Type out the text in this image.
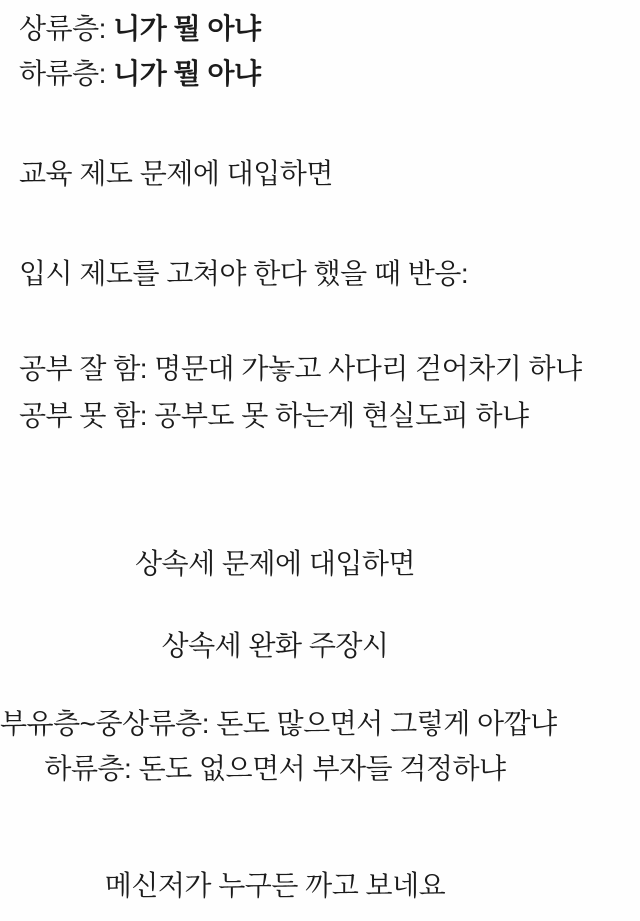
상류층: 니가 뭘 아냐
하류층: 니가 뭘 아냐
교육 제도 문제에 대입하면
입시 제도를 고쳐야 한다 했을 때 반응:
공부 잘 함: 명문대 가놓고 사다리 걷어차기 하냐
공부 못 함: 공부도 못 하는게 현실도피 하냐
상속세 문제에 대입하면
상속세 완화 주장시
부유층~중상류층: 돈도 많으면서 그렇게 아깝냐
하류층: 돈도 없으면서 부자들 걱정하냐
메신저가 누구든 까고 보네요
